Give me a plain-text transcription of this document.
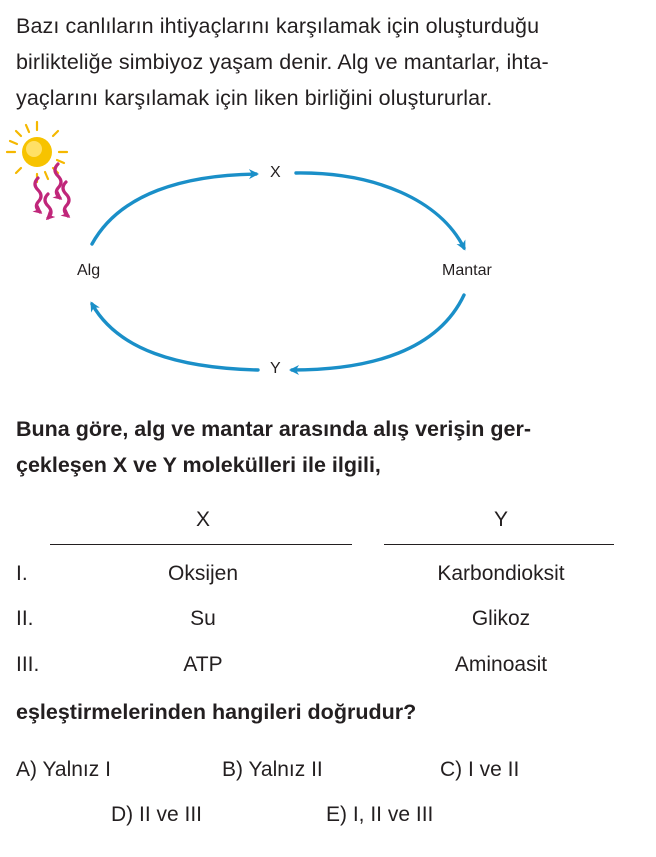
Bazı canlıların ihtiyaçlarını karşılamak için oluşturduğu
birlikteliğe simbiyoz yaşam denir. Alg ve mantarlar, ihta-
yaçlarını karşılamak için liken birliğini oluştururlar.
X
Y
Alg	Mantar
Buna göre, alg ve mantar arasında alış verişin ger-
çekleşen X ve Y molekülleri ile ilgili,
X	Y
I.	Oksijen	Karbondioksit
II.	Su	Glikoz
III.	ATP	Aminoasit
eşleştirmelerinden hangileri doğrudur?
A) Yalnız I	B) Yalnız II	C) I ve II
D) II ve III	E) I, II ve III
